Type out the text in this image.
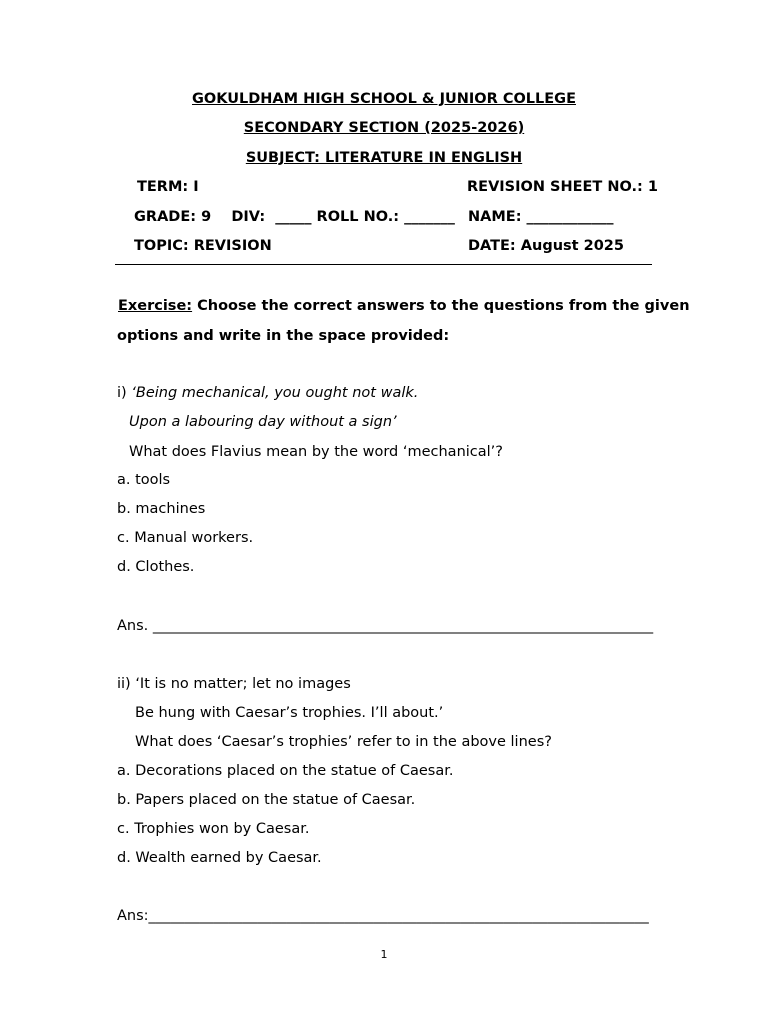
GOKULDHAM HIGH SCHOOL & JUNIOR COLLEGE
SECONDARY SECTION (2025-2026)
SUBJECT: LITERATURE IN ENGLISH
TERM: I	REVISION SHEET NO.: 1
GRADE: 9    DIV:  _____ ROLL NO.: _______ NAME: ____________
TOPIC: REVISION	DATE: August 2025
Exercise: Choose the correct answers to the questions from the given
options and write in the space provided:
i) ‘Being mechanical, you ought not walk.
Upon a labouring day without a sign’
What does Flavius mean by the word ‘mechanical’?
a. tools
b. machines
c. Manual workers.
d. Clothes.
Ans. _____________________________________________________________________
ii) ‘It is no matter; let no images
Be hung with Caesar’s trophies. I’ll about.’
What does ‘Caesar’s trophies’ refer to in the above lines?
a. Decorations placed on the statue of Caesar.
b. Papers placed on the statue of Caesar.
c. Trophies won by Caesar.
d. Wealth earned by Caesar.
Ans:_____________________________________________________________________
1
